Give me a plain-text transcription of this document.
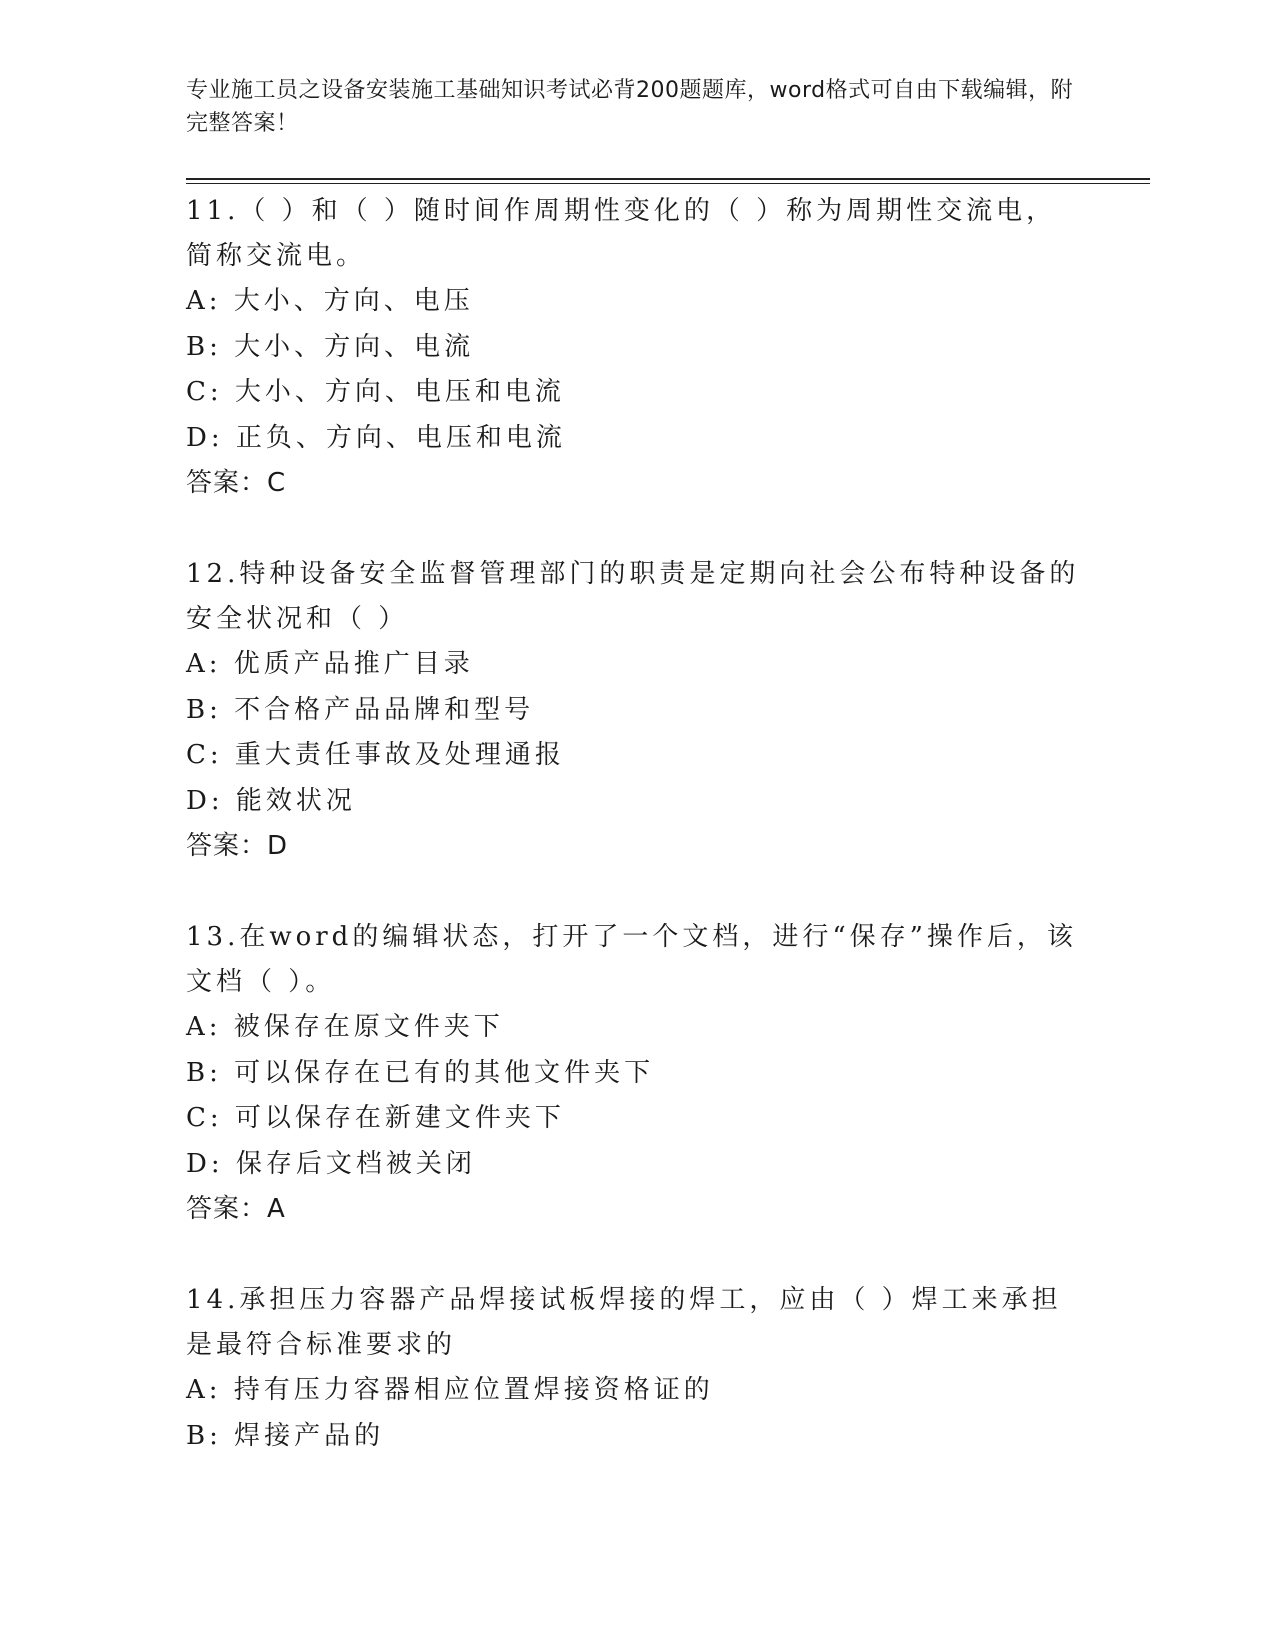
专业施工员之设备安装施工基础知识考试必背200题题库，word格式可自由下载编辑，附完整答案！
11.（ ）和（ ）随时间作周期性变化的（ ）称为周期性交流电，简称交流电。
A: 大小、方向、电压
B: 大小、方向、电流
C: 大小、方向、电压和电流
D: 正负、方向、电压和电流
答案：C
12.特种设备安全监督管理部门的职责是定期向社会公布特种设备的安全状况和（ ）
A: 优质产品推广目录
B: 不合格产品品牌和型号
C: 重大责任事故及处理通报
D: 能效状况
答案：D
13.在word的编辑状态，打开了一个文档，进行“保存”操作后，该文档（ ）。
A: 被保存在原文件夹下
B: 可以保存在已有的其他文件夹下
C: 可以保存在新建文件夹下
D: 保存后文档被关闭
答案：A
14.承担压力容器产品焊接试板焊接的焊工，应由（ ）焊工来承担是最符合标准要求的
A: 持有压力容器相应位置焊接资格证的
B: 焊接产品的
